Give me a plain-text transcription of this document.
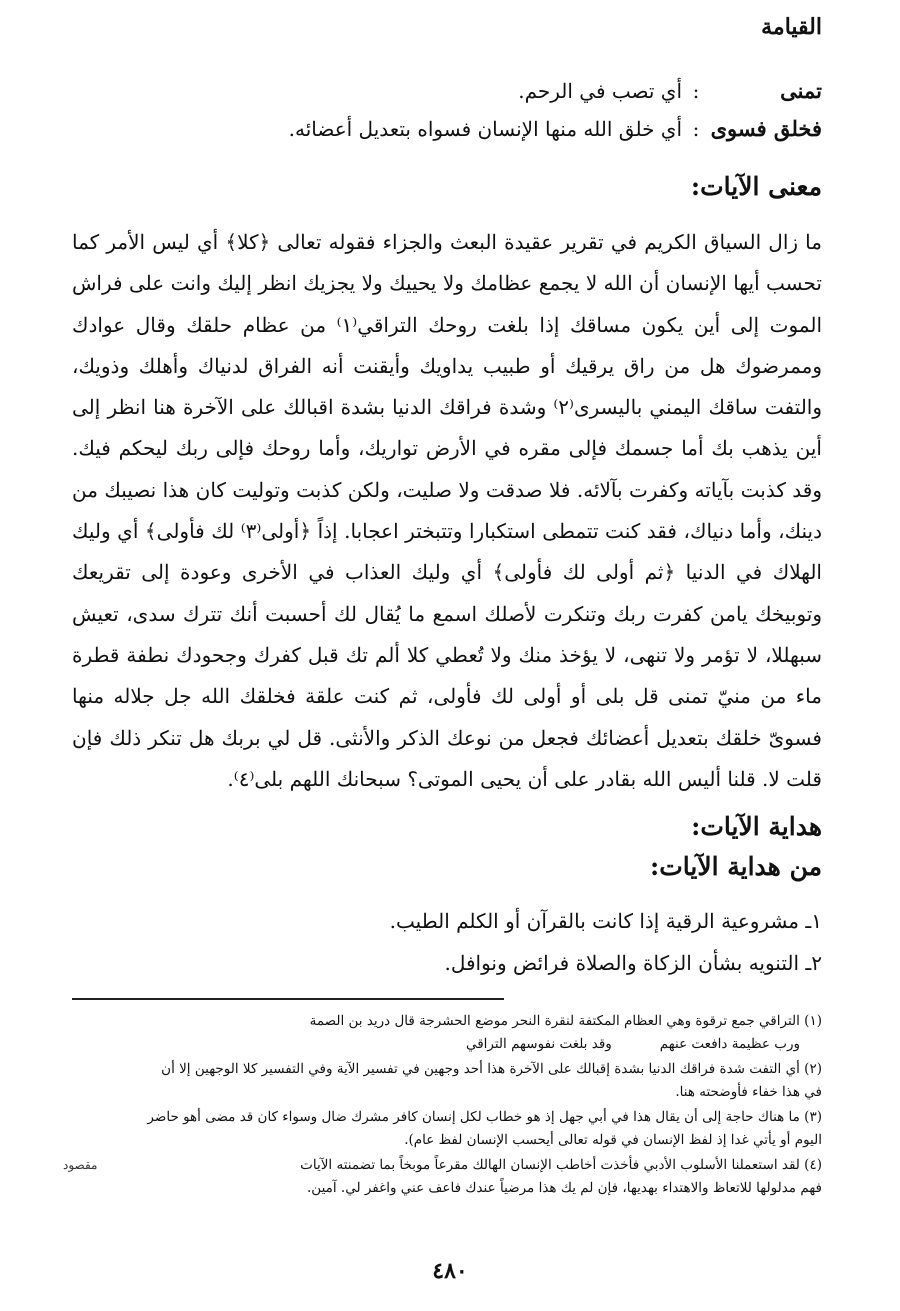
القيامة
تمنى
:
أي تصب في الرحم.
فخلق فسوى
:
أي خلق الله منها الإنسان فسواه بتعديل أعضائه.
معنى الآيات:
ما زال السياق الكريم في تقرير عقيدة البعث والجزاء فقوله تعالى ﴿كلا﴾ أي ليس الأمر كما تحسب أيها الإنسان أن الله لا يجمع عظامك ولا يحييك ولا يجزيك انظر إليك وانت على فراش الموت إلى أين يكون مساقك إذا بلغت روحك التراقي⁽١⁾ من عظام حلقك وقال عوادك وممرضوك هل من راق يرقيك أو طبيب يداويك وأيقنت أنه الفراق لدنياك وأهلك وذويك، والتفت ساقك اليمني باليسرى⁽٢⁾ وشدة فراقك الدنيا بشدة اقبالك على الآخرة هنا انظر إلى أين يذهب بك أما جسمك فإلى مقره في الأرض تواريك، وأما روحك فإلى ربك ليحكم فيك. وقد كذبت بآياته وكفرت بآلائه. فلا صدقت ولا صليت، ولكن كذبت وتوليت كان هذا نصيبك من دينك، وأما دنياك، فقد كنت تتمطى استكبارا وتتبختر اعجابا. إذاً ﴿أولى⁽٣⁾ لك فأولى﴾ أي وليك الهلاك في الدنيا ﴿ثم أولى لك فأولى﴾ أي وليك العذاب في الأخرى وعودة إلى تقريعك وتوبيخك يامن كفرت ربك وتنكرت لأصلك اسمع ما يُقال لك أحسبت أنك تترك سدى، تعيش سبهللا، لا تؤمر ولا تنهى، لا يؤخذ منك ولا تُعطي كلا ألم تك قبل كفرك وجحودك نطفة قطرة ماء من منيّ تمنى قل بلى أو أولى لك فأولى، ثم كنت علقة فخلقك الله جل جلاله منها فسوىّ خلقك بتعديل أعضائك فجعل من نوعك الذكر والأنثى. قل لي بربك هل تنكر ذلك فإن قلت لا. قلنا أليس الله بقادر على أن يحيى الموتى؟ سبحانك اللهم بلى⁽٤⁾.
هداية الآيات:
من هداية الآيات:
١ـ مشروعية الرقية إذا كانت بالقرآن أو الكلم الطيب.
٢ـ التنويه بشأن الزكاة والصلاة فرائض ونوافل.
(١) التراقي جمع ترقوة وهي العظام المكتفة لنقرة النحر موضع الحشرجة قال دريد بن الصمة
ورب عظيمة دافعت عنهم
وقد بلغت نفوسهم التراقي
(٢) أي التفت شدة فراقك الدنيا بشدة إقبالك على الآخرة هذا أحد وجهين في تفسير الآية وفي التفسير كلا الوجهين إلا أن
في هذا خفاء فأوضحته هنا.
(٣) ما هناك حاجة إلى أن يقال هذا في أبي جهل إذ هو خطاب لكل إنسان كافر مشرك ضال وسواء كان قد مضى أهو حاضر
اليوم أو يأتي غدا إذ لفظ الإنسان في قوله تعالى أيحسب الإنسان لفظ عام).
(٤) لقد استعملنا الأسلوب الأدبي فأخذت أخاطب الإنسان الهالك مقرعاً موبخاً بما تضمنته الآيات
فهم مدلولها للاتعاظ والاهتداء بهديها، فإن لم يك هذا مرضياً عندك فاعف عني واغفر لي. آمين.
مقصود
٤٨٠
